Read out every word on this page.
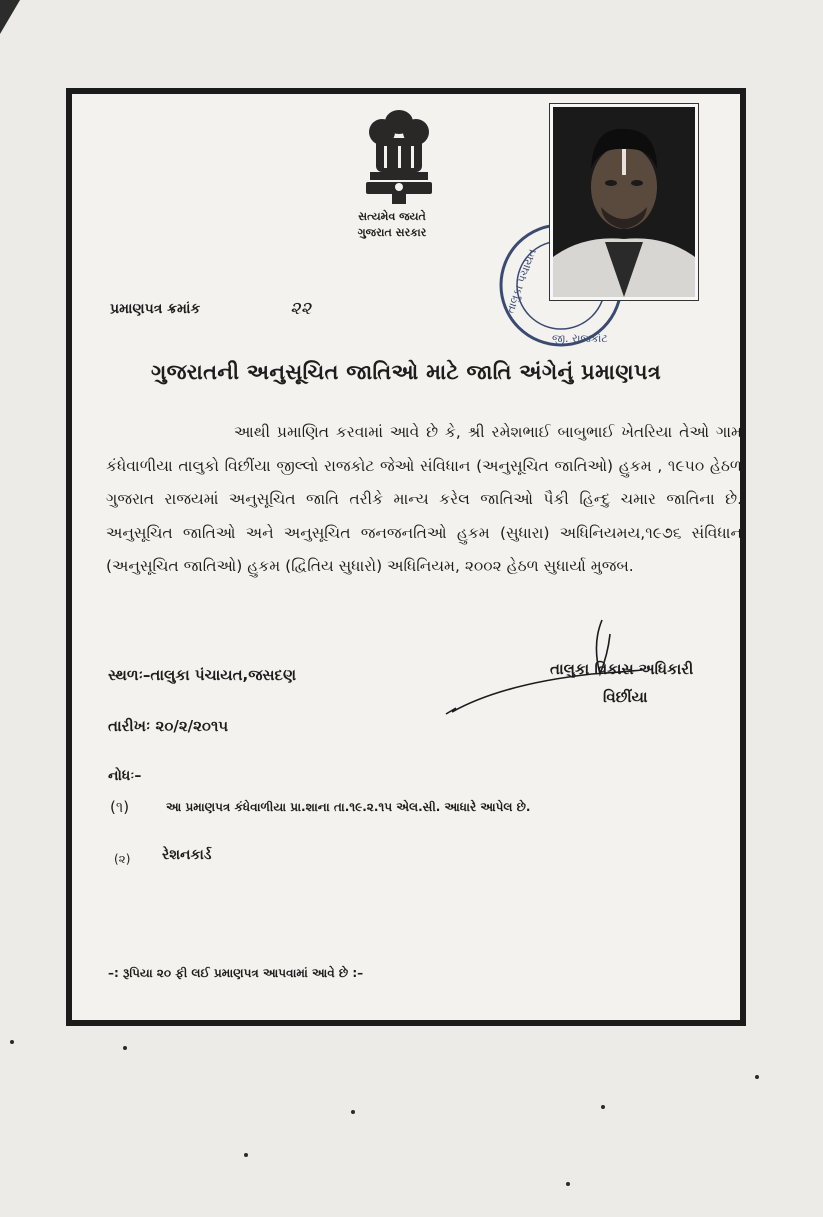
સત્યમેવ જયતે
ગુજરાત સરકાર
તાલુકા પંચાયત
જી. રાજકોટ
પ્રમાણપત્ર ક્રમાંક	૨૨
ગુજરાતની અનુસૂચિત જાતિઓ માટે જાતિ અંગેનું પ્રમાણપત્ર

આથી પ્રમાણિત કરવામાં આવે છે કે, શ્રી રમેશભાઈ બાબુભાઈ ખેતરિયા તેઓ ગામ કંધેવાળીયા તાલુકો વિછીંયા જીલ્લો રાજકોટ જેઓ સંવિધાન (અનુસૂચિત જાતિઓ) હુકમ , ૧૯૫૦ હેઠળ ગુજરાત રાજયમાં અનુસૂચિત જાતિ તરીકે માન્ય કરેલ જાતિઓ પૈકી હિન્દુ ચમાર જાતિના છે. અનુસૂચિત જાતિઓ અને અનુસૂચિત જનજનતિઓ હુકમ (સુધારા) અધિનિયમય,૧૯૭૬ સંવિધાન (અનુસૂચિત જાતિઓ) હુકમ (દ્વિતિય સુધારો) અધિનિયમ, ૨૦૦૨ હેઠળ સુધાર્યા મુજબ.

સ્થળઃ–તાલુકા પંચાયત,જસદણ
તારીખઃ ૨૦/૨/૨૦૧૫
તાલુકા વિકાસ અધિકારી
વિછીંયા
નોધઃ–
(૧)	આ પ્રમાણપત્ર કંધેવાળીયા પ્રા.શાના તા.૧૯.૨.૧૫ એલ.સી. આધારે આપેલ છે.
(૨) રેશનકાર્ડ
–: રૂપિયા ૨૦ ફી લઈ પ્રમાણપત્ર આપવામાં આવે છે :–
